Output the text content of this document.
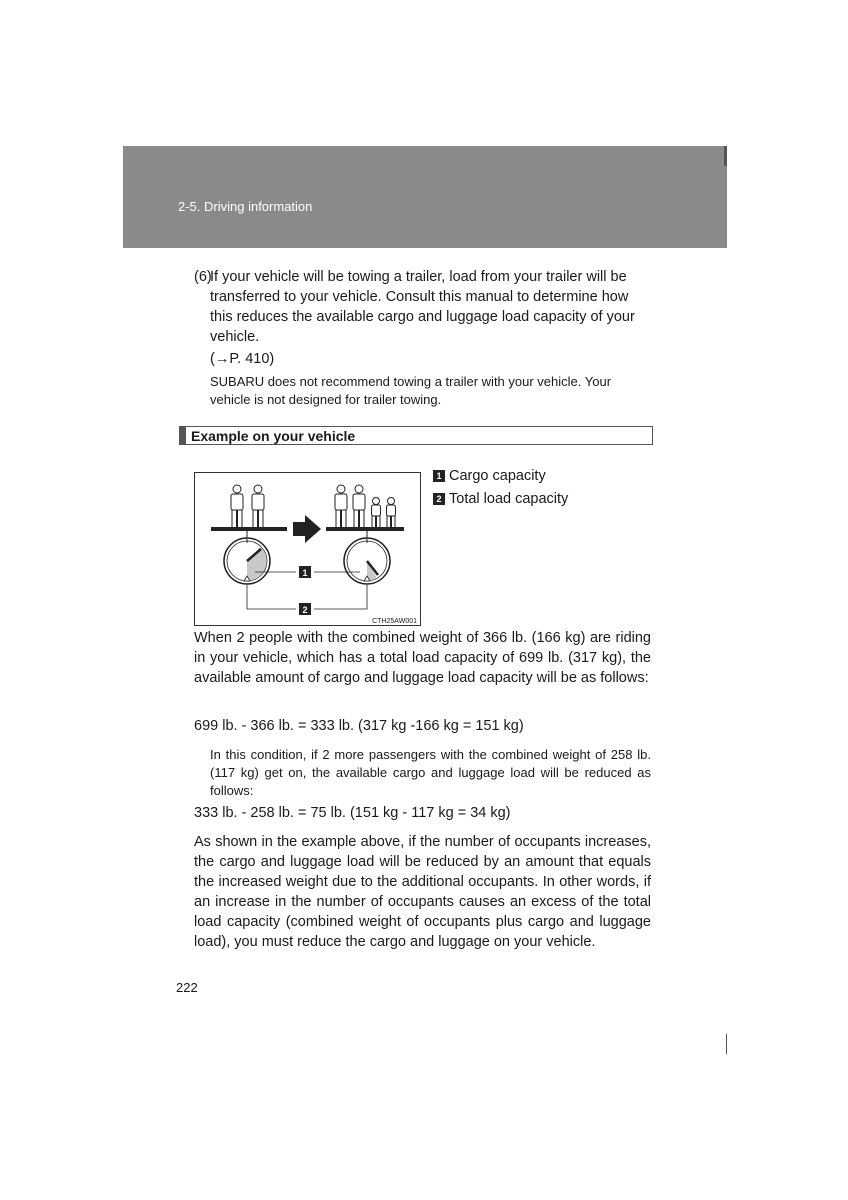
2-5. Driving information
(6)
If your vehicle will be towing a trailer, load from your trailer will be transferred to your vehicle. Consult this manual to determine how this reduces the available cargo and luggage load capacity of your vehicle.
(→P. 410)
SUBARU does not recommend towing a trailer with your vehicle. Your vehicle is not designed for trailer towing.
Example on your vehicle
1
2
CTH25AW001
1 Cargo capacity
2 Total load capacity
When 2 people with the combined weight of 366 lb. (166 kg) are riding in your vehicle, which has a total load capacity of 699 lb. (317 kg), the available amount of cargo and luggage load capacity will be as follows:
699 lb. - 366 lb. = 333 lb. (317 kg -166 kg = 151 kg)
In this condition, if 2 more passengers with the combined weight of 258 lb. (117 kg) get on, the available cargo and luggage load will be reduced as follows:
333 lb. - 258 lb. = 75 lb. (151 kg - 117 kg = 34 kg)
As shown in the example above, if the number of occupants increases, the cargo and luggage load will be reduced by an amount that equals the increased weight due to the additional occupants. In other words, if an increase in the number of occupants causes an excess of the total load capacity (combined weight of occupants plus cargo and luggage load), you must reduce the cargo and luggage on your vehicle.
222
